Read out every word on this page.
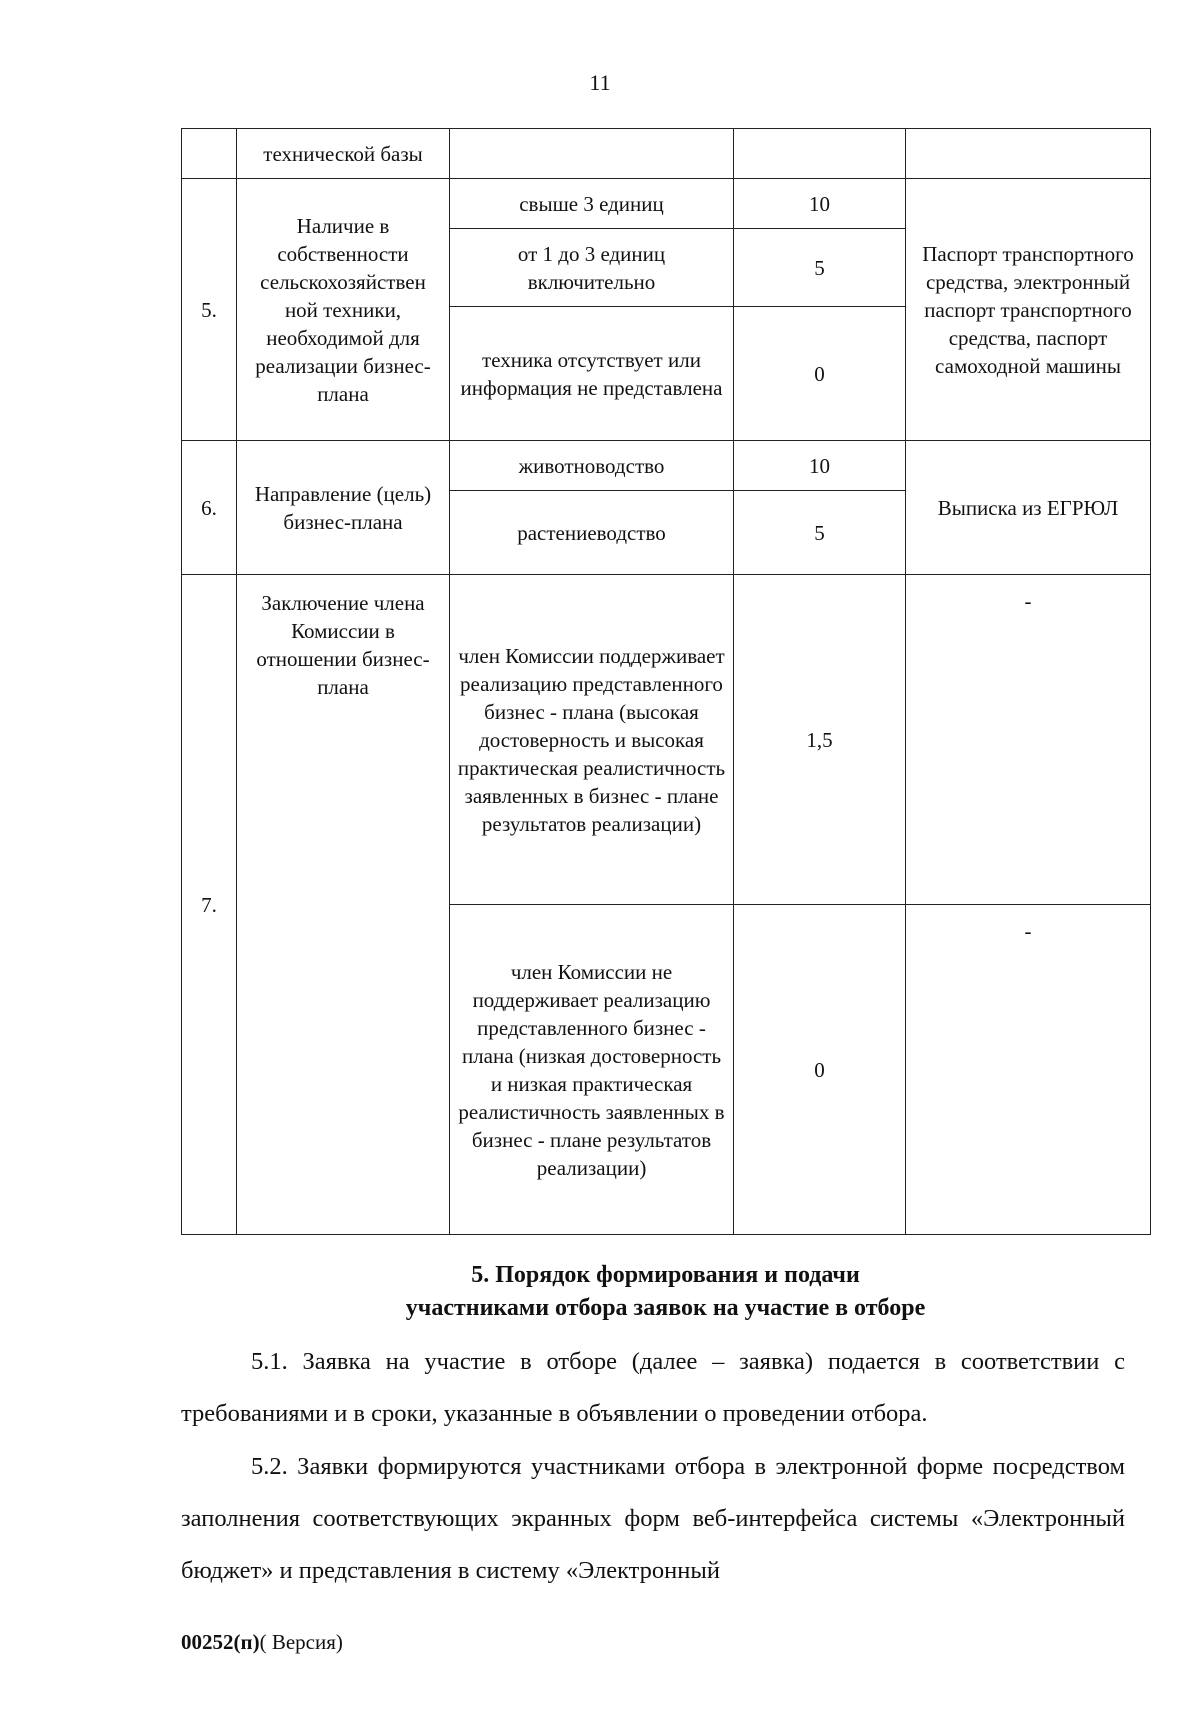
11
	технической базы			
5.	Наличие в собственности сельскохозяйствен ной техники, необходимой для реализации бизнес-плана	свыше 3 единиц	10	Паспорт транспортного средства, электронный паспорт транспортного средства, паспорт самоходной машины
		от 1 до 3 единиц включительно	5	
		техника отсутствует или информация не представлена	0	
6.	Направление (цель) бизнес-плана	животноводство	10	Выписка из ЕГРЮЛ
		растениеводство	5	
7.	Заключение члена Комиссии в отношении бизнес-плана	член Комиссии поддерживает реализацию представленного бизнес - плана (высокая достоверность и высокая практическая реалистичность заявленных в бизнес - плане результатов реализации)	1,5	-
		член Комиссии не поддерживает реализацию представленного бизнес - плана (низкая достоверность и низкая практическая реалистичность заявленных в бизнес - плане результатов реализации)	0	-
5. Порядок формирования и подачи
участниками отбора заявок на участие в отборе
5.1. Заявка на участие в отборе (далее – заявка) подается в соответствии с требованиями и в сроки, указанные в объявлении о проведении отбора.
5.2. Заявки формируются участниками отбора в электронной форме посредством заполнения соответствующих экранных форм веб-интерфейса системы «Электронный бюджет» и представления в систему «Электронный
00252(п)( Версия)
